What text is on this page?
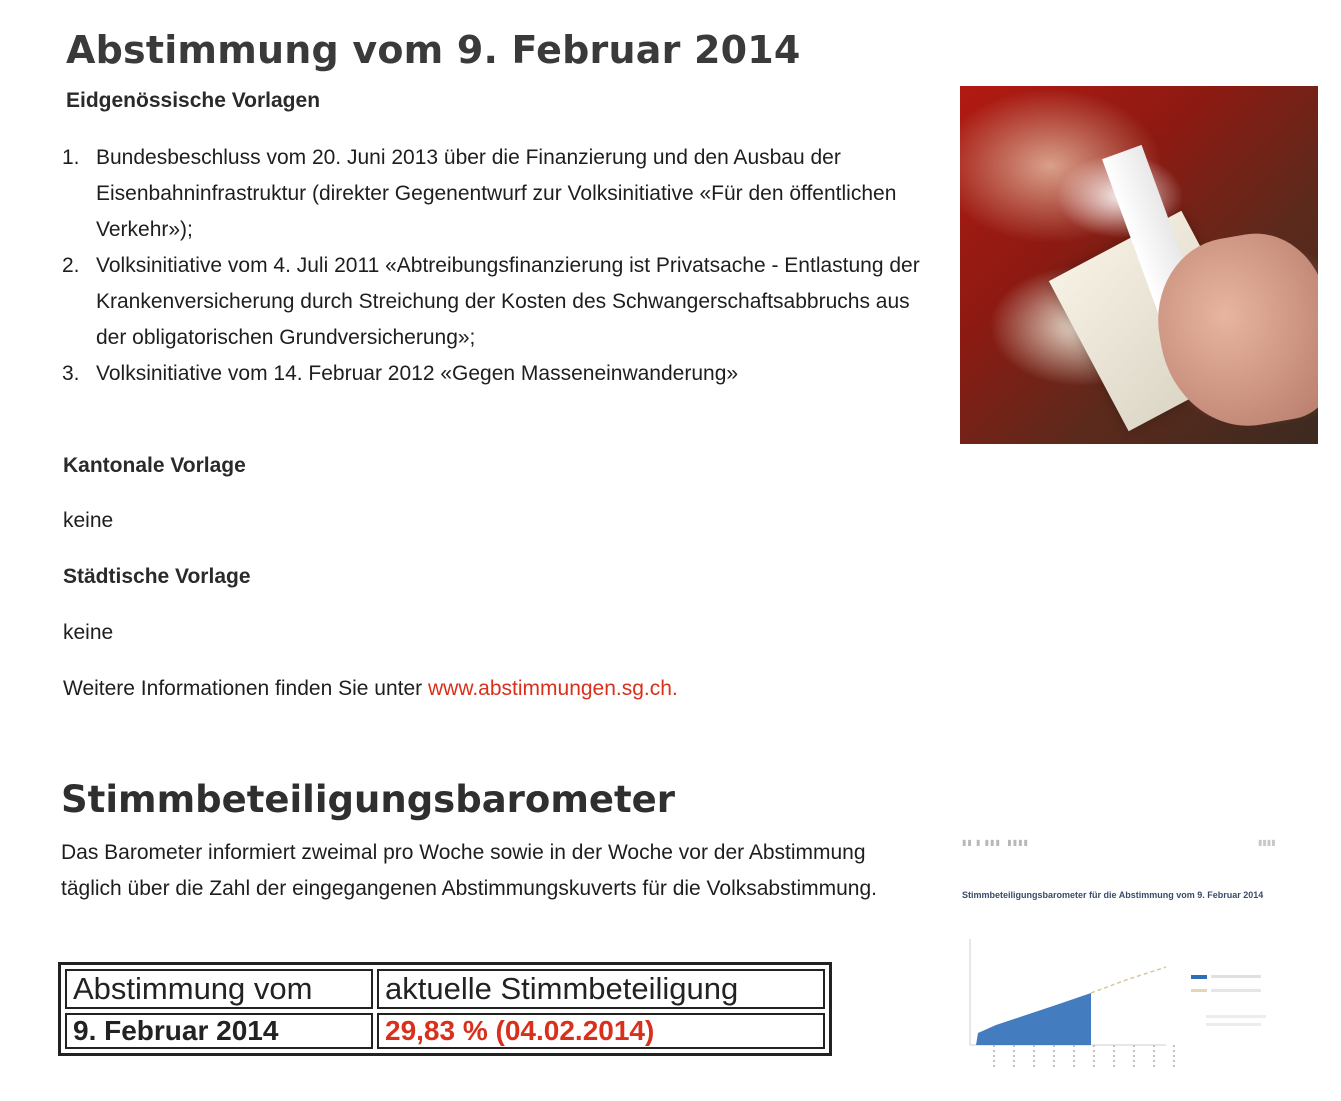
Abstimmung vom 9. Februar 2014
Eidgenössische Vorlagen
1. Bundesbeschluss vom 20. Juni 2013 über die Finanzierung und den Ausbau der Eisenbahninfrastruktur (direkter Gegenentwurf zur Volksinitiative «Für den öffentlichen Verkehr»);
2. Volksinitiative vom 4. Juli 2011 «Abtreibungsfinanzierung ist Privatsache - Entlastung der Krankenversicherung durch Streichung der Kosten des Schwangerschaftsabbruchs aus der obligatorischen Grundversicherung»;
3. Volksinitiative vom 14. Februar 2012 «Gegen Masseneinwanderung»
Kantonale Vorlage
keine
Städtische Vorlage
keine
Weitere Informationen finden Sie unter www.abstimmungen.sg.ch.
Stimmbeteiligungsbarometer
Das Barometer informiert zweimal pro Woche sowie in der Woche vor der Abstimmung täglich über die Zahl der eingegangenen Abstimmungskuverts für die Volksabstimmung.
Abstimmung vom	aktuelle Stimmbeteiligung
9. Februar 2014	29,83 % (04.02.2014)
▮▮ ▮ ▮▮▮  ▮▮▮▮	▮▮▮▮
Stimmbeteiligungsbarometer für die Abstimmung vom 9. Februar 2014
